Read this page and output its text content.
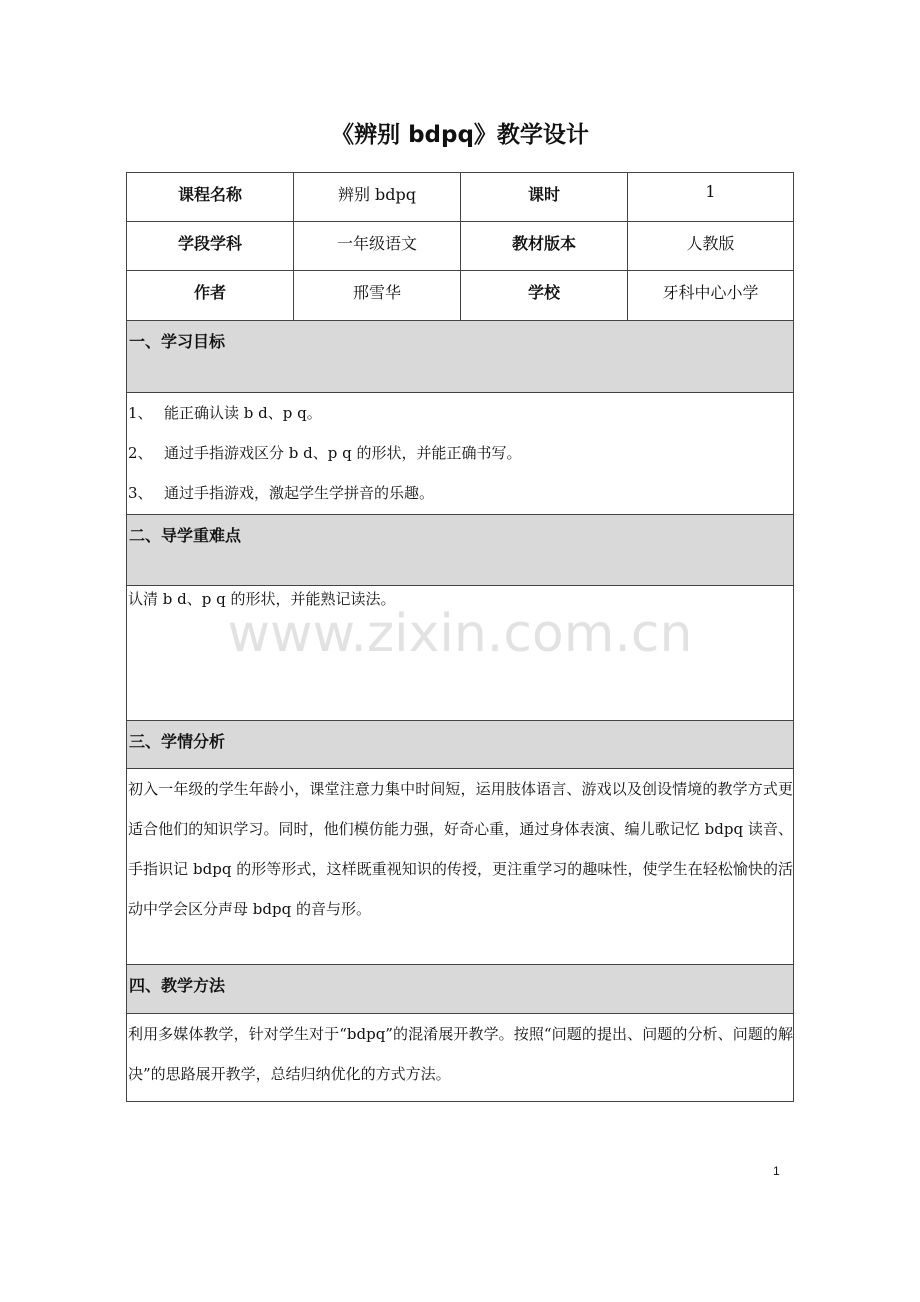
《辨别 bdpq》教学设计
课程名称	辨别 bdpq	课时	1
学段学科	一年级语文	教材版本	人教版
作者	邢雪华	学校	牙科中心小学
一、学习目标
1、 能正确认读 b d、p q。
2、 通过手指游戏区分 b d、p q 的形状，并能正确书写。
3、 通过手指游戏，激起学生学拼音的乐趣。
二、导学重难点

认清 b d、p q 的形状，并能熟记读法。

三、学情分析

初入一年级的学生年龄小，课堂注意力集中时间短，运用肢体语言、游戏以及创设情境的教学方式更适合他们的知识学习。同时，他们模仿能力强，好奇心重，通过身体表演、编儿歌记忆 bdpq 读音、手指识记 bdpq 的形等形式，这样既重视知识的传授，更注重学习的趣味性，使学生在轻松愉快的活动中学会区分声母 bdpq 的音与形。

四、教学方法

利用多媒体教学，针对学生对于“bdpq”的混淆展开教学。按照“问题的提出、问题的分析、问题的解决”的思路展开教学，总结归纳优化的方式方法。

www.zixin.com.cn
1
